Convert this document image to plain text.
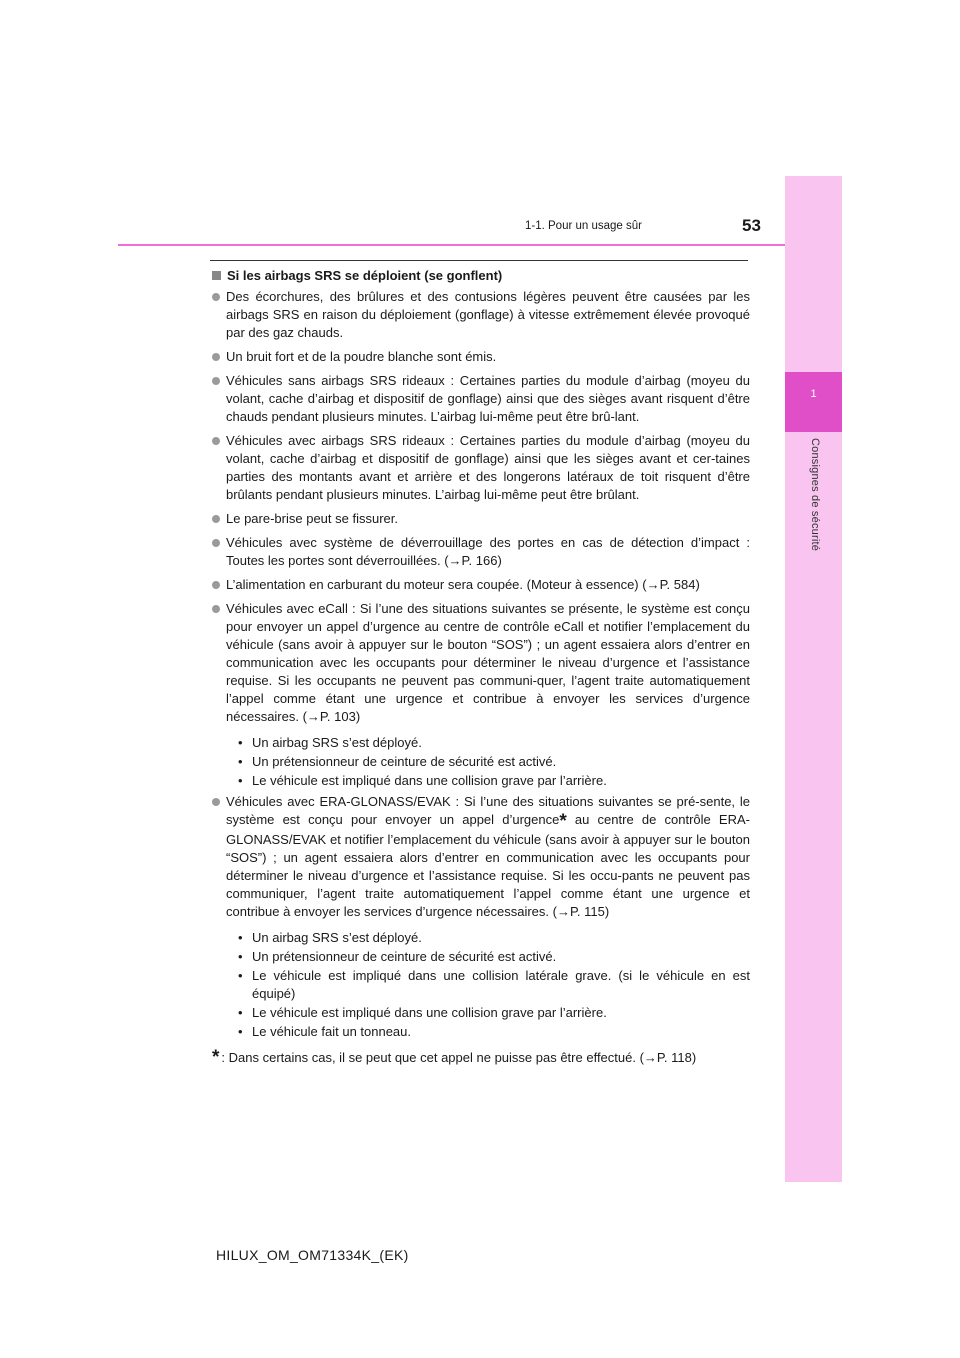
1
Consignes de sécurité
1-1. Pour un usage sûr	53
Si les airbags SRS se déploient (se gonflent)
Des écorchures, des brûlures et des contusions légères peuvent être causées par les airbags SRS en raison du déploiement (gonflage) à vitesse extrêmement élevée provoqué par des gaz chauds.
Un bruit fort et de la poudre blanche sont émis.
Véhicules sans airbags SRS rideaux : Certaines parties du module d’airbag (moyeu du volant, cache d’airbag et dispositif de gonflage) ainsi que des sièges avant risquent d’être chauds pendant plusieurs minutes. L’airbag lui-même peut être brû-lant.
Véhicules avec airbags SRS rideaux : Certaines parties du module d’airbag (moyeu du volant, cache d’airbag et dispositif de gonflage) ainsi que les sièges avant et cer-taines parties des montants avant et arrière et des longerons latéraux de toit risquent d’être brûlants pendant plusieurs minutes. L’airbag lui-même peut être brûlant.
Le pare-brise peut se fissurer.
Véhicules avec système de déverrouillage des portes en cas de détection d’impact : Toutes les portes sont déverrouillées. (→P. 166)
L’alimentation en carburant du moteur sera coupée. (Moteur à essence) (→P. 584)
Véhicules avec eCall : Si l’une des situations suivantes se présente, le système est conçu pour envoyer un appel d’urgence au centre de contrôle eCall et notifier l’emplacement du véhicule (sans avoir à appuyer sur le bouton “SOS”) ; un agent essaiera alors d’entrer en communication avec les occupants pour déterminer le niveau d’urgence et l’assistance requise. Si les occupants ne peuvent pas communi-quer, l’agent traite automatiquement l’appel comme étant une urgence et contribue à envoyer les services d’urgence nécessaires. (→P. 103)
• Un airbag SRS s’est déployé.
• Un prétensionneur de ceinture de sécurité est activé.
• Le véhicule est impliqué dans une collision grave par l’arrière.
Véhicules avec ERA-GLONASS/EVAK : Si l’une des situations suivantes se pré-sente, le système est conçu pour envoyer un appel d’urgence* au centre de contrôle ERA-GLONASS/EVAK et notifier l’emplacement du véhicule (sans avoir à appuyer sur le bouton “SOS”) ; un agent essaiera alors d’entrer en communication avec les occupants pour déterminer le niveau d’urgence et l’assistance requise. Si les occu-pants ne peuvent pas communiquer, l’agent traite automatiquement l’appel comme étant une urgence et contribue à envoyer les services d’urgence nécessaires. (→P. 115)
• Un airbag SRS s’est déployé.
• Un prétensionneur de ceinture de sécurité est activé.
• Le véhicule est impliqué dans une collision latérale grave. (si le véhicule en est équipé)
• Le véhicule est impliqué dans une collision grave par l’arrière.
• Le véhicule fait un tonneau.
* : Dans certains cas, il se peut que cet appel ne puisse pas être effectué. (→P. 118)
HILUX_OM_OM71334K_(EK)
